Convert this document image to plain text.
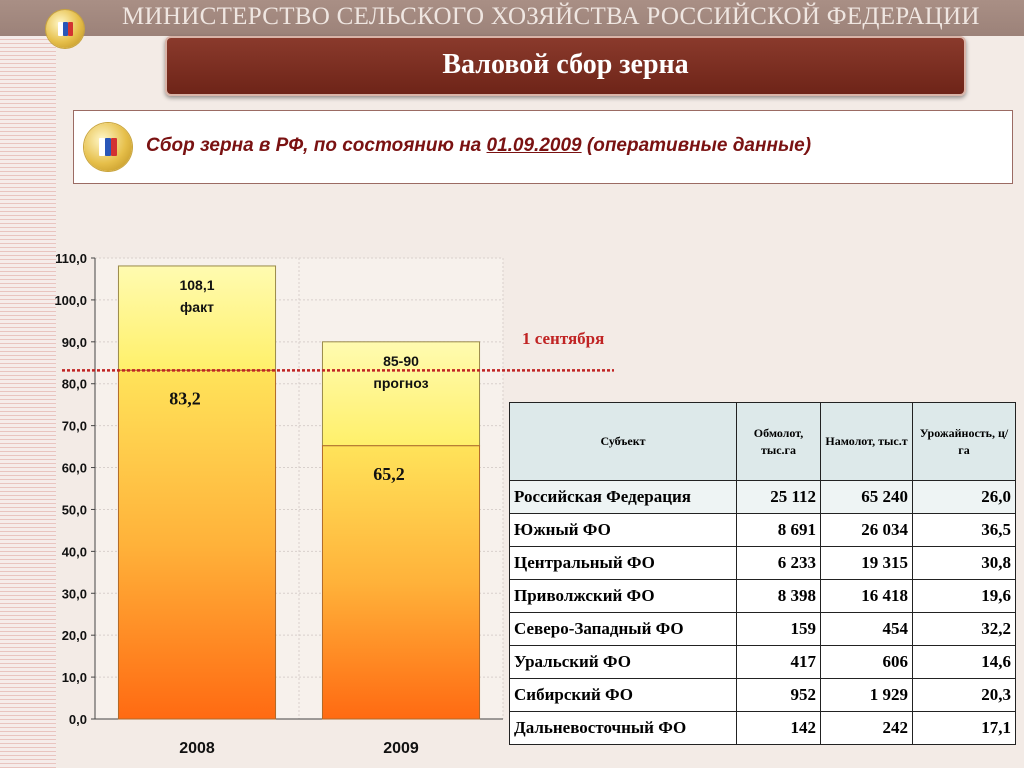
МИНИСТЕРСТВО СЕЛЬСКОГО ХОЗЯЙСТВА РОССИЙСКОЙ ФЕДЕРАЦИИ
Валовой сбор зерна
Сбор зерна в РФ, по состоянию на 01.09.2009 (оперативные данные)
0,0
10,0
20,0
30,0
40,0
50,0
60,0
70,0
80,0
90,0
100,0
110,0
108,1
факт
83,2
2008
85-90
прогноз
65,2
2009
1 сентября
Субъект	Обмолот, тыс.га	Намолот, тыс.т	Урожайность, ц/га
Российская Федерация	25 112	65 240	26,0
Южный ФО	8 691	26 034	36,5
Центральный ФО	6 233	19 315	30,8
Приволжский ФО	8 398	16 418	19,6
Северо-Западный ФО	159	454	32,2
Уральский ФО	417	606	14,6
Сибирский ФО	952	1 929	20,3
Дальневосточный ФО	142	242	17,1
